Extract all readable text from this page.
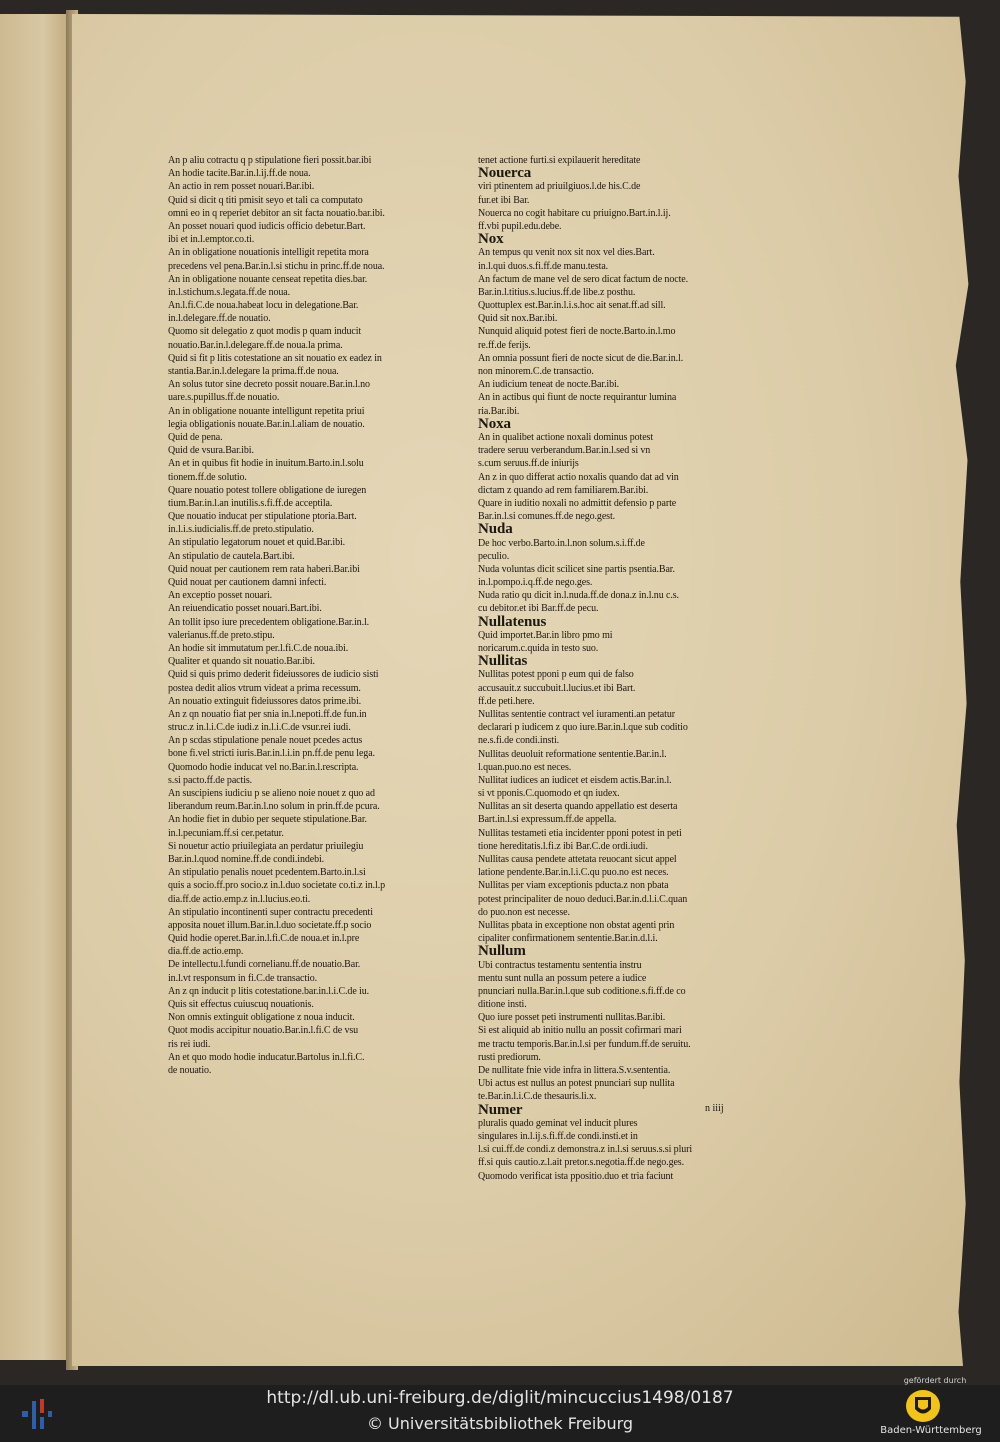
An p aliu cotractu q p stipulatione fieri possit.bar.ibi
An hodie tacite.Bar.in.l.ij.ff.de noua.
An actio in rem posset nouari.Bar.ibi.
Quid si dicit q titi pmisit seyo et tali ca computato
omni eo in q reperiet debitor an sit facta nouatio.bar.ibi.
An posset nouari quod iudicis officio debetur.Bart.
ibi et in.l.emptor.co.ti.
An in obligatione nouationis intelligit repetita mora
precedens vel pena.Bar.in.l.si stichu in princ.ff.de noua.
An in obligatione nouante censeat repetita dies.bar.
in.l.stichum.s.legata.ff.de noua.
An.l.fi.C.de noua.habeat locu in delegatione.Bar.
in.l.delegare.ff.de nouatio.
Quomo sit delegatio z quot modis p quam inducit
nouatio.Bar.in.l.delegare.ff.de noua.la prima.
Quid si fit p litis cotestatione an sit nouatio ex eadez in
stantia.Bar.in.l.delegare la prima.ff.de noua.
An solus tutor sine decreto possit nouare.Bar.in.l.no
uare.s.pupillus.ff.de nouatio.
An in obligatione nouante intelligunt repetita priui
legia obligationis nouate.Bar.in.l.aliam de nouatio.
Quid de pena.
Quid de vsura.Bar.ibi.
An et in quibus fit hodie in inuitum.Barto.in.l.solu
tionem.ff.de solutio.
Quare nouatio potest tollere obligatione de iuregen
tium.Bar.in.l.an inutilis.s.fi.ff.de acceptila.
Que nouatio inducat per stipulatione ptoria.Bart.
in.l.i.s.iudicialis.ff.de preto.stipulatio.
An stipulatio legatorum nouet et quid.Bar.ibi.
An stipulatio de cautela.Bart.ibi.
Quid nouat per cautionem rem rata haberi.Bar.ibi
Quid nouat per cautionem damni infecti.
An exceptio posset nouari.
An reiuendicatio posset nouari.Bart.ibi.
An tollit ipso iure precedentem obligatione.Bar.in.l.
valerianus.ff.de preto.stipu.
An hodie sit immutatum per.l.fi.C.de noua.ibi.
Qualiter et quando sit nouatio.Bar.ibi.
Quid si quis primo dederit fideiussores de iudicio sisti
postea dedit alios vtrum videat a prima recessum.
An nouatio extinguit fideiussores datos prime.ibi.
An z qn nouatio fiat per snia in.l.nepoti.ff.de fun.in
struc.z in.l.i.C.de iudi.z in.l.i.C.de vsur.rei iudi.
An p scdas stipulatione penale nouet pcedes actus
bone fi.vel stricti iuris.Bar.in.l.i.in pn.ff.de penu lega.
Quomodo hodie inducat vel no.Bar.in.l.rescripta.
s.si pacto.ff.de pactis.
An suscipiens iudiciu p se alieno noie nouet z quo ad
liberandum reum.Bar.in.l.no solum in prin.ff.de pcura.
An hodie fiet in dubio per sequete stipulatione.Bar.
in.l.pecuniam.ff.si cer.petatur.
Si nouetur actio priuilegiata an perdatur priuilegiu
Bar.in.l.quod nomine.ff.de condi.indebi.
An stipulatio penalis nouet pcedentem.Barto.in.l.si
quis a socio.ff.pro socio.z in.l.duo societate co.ti.z in.l.p
dia.ff.de actio.emp.z in.l.lucius.eo.ti.
An stipulatio incontinenti super contractu precedenti
apposita nouet illum.Bar.in.l.duo societate.ff.p socio
Quid hodie operet.Bar.in.l.fi.C.de noua.et in.l.pre
dia.ff.de actio.emp.
De intellectu.l.fundi cornelianu.ff.de nouatio.Bar.
in.l.vt responsum in fi.C.de transactio.
An z qn inducit p litis cotestatione.bar.in.l.i.C.de iu.
Quis sit effectus cuiuscuq nouationis.
Non omnis extinguit obligatione z noua inducit.
Quot modis accipitur nouatio.Bar.in.l.fi.C de vsu
ris rei iudi.
An et quo modo hodie inducatur.Bartolus in.l.fi.C.
de nouatio.
tenet actione furti.si expilauerit hereditate
Nouerca
viri ptinentem ad priuilgiuos.l.de his.C.de
fur.et ibi Bar.
Nouerca no cogit habitare cu priuigno.Bart.in.l.ij.
ff.vbi pupil.edu.debe.
Nox
An tempus qu venit nox sit nox vel dies.Bart.
in.l.qui duos.s.fi.ff.de manu.testa.
An factum de mane vel de sero dicat factum de nocte.
Bar.in.l.titius.s.lucius.ff.de libe.z posthu.
Quottuplex est.Bar.in.l.i.s.hoc ait senat.ff.ad sill.
Quid sit nox.Bar.ibi.
Nunquid aliquid potest fieri de nocte.Barto.in.l.mo
re.ff.de ferijs.
An omnia possunt fieri de nocte sicut de die.Bar.in.l.
non minorem.C.de transactio.
An iudicium teneat de nocte.Bar.ibi.
An in actibus qui fiunt de nocte requirantur lumina
ria.Bar.ibi.
Noxa
An in qualibet actione noxali dominus potest
tradere seruu verberandum.Bar.in.l.sed si vn
s.cum seruus.ff.de iniurijs
An z in quo differat actio noxalis quando dat ad vin
dictam z quando ad rem familiarem.Bar.ibi.
Quare in iuditio noxali no admittit defensio p parte
Bar.in.l.si comunes.ff.de nego.gest.
Nuda
De hoc verbo.Barto.in.l.non solum.s.i.ff.de
peculio.
Nuda voluntas dicit scilicet sine partis psentia.Bar.
in.l.pompo.i.q.ff.de nego.ges.
Nuda ratio qu dicit in.l.nuda.ff.de dona.z in.l.nu c.s.
cu debitor.et ibi Bar.ff.de pecu.
Nullatenus
Quid importet.Bar.in libro pmo mi
noricarum.c.quida in testo suo.
Nullitas
Nullitas potest pponi p eum qui de falso
accusauit.z succubuit.l.lucius.et ibi Bart.
ff.de peti.here.
Nullitas sententie contract vel iuramenti.an petatur
declarari p iudicem z quo iure.Bar.in.l.que sub coditio
ne.s.fi.de condi.insti.
Nullitas deuoluit reformatione sententie.Bar.in.l.
l.quan.puo.no est neces.
Nullitat iudices an iudicet et eisdem actis.Bar.in.l.
si vt pponis.C.quomodo et qn iudex.
Nullitas an sit deserta quando appellatio est deserta
Bart.in.l.si expressum.ff.de appella.
Nullitas testameti etia incidenter pponi potest in peti
tione hereditatis.l.fi.z ibi Bar.C.de ordi.iudi.
Nullitas causa pendete attetata reuocant sicut appel
latione pendente.Bar.in.l.i.C.qu puo.no est neces.
Nullitas per viam exceptionis pducta.z non pbata
potest principaliter de nouo deduci.Bar.in.d.l.i.C.quan
do puo.non est necesse.
Nullitas pbata in exceptione non obstat agenti prin
cipaliter confirmationem sententie.Bar.in.d.l.i.
Nullum
Ubi contractus testamentu sententia instru
mentu sunt nulla an possum petere a iudice
pnunciari nulla.Bar.in.l.que sub coditione.s.fi.ff.de co
ditione insti.
Quo iure posset peti instrumenti nullitas.Bar.ibi.
Si est aliquid ab initio nullu an possit cofirmari mari
me tractu temporis.Bar.in.l.si per fundum.ff.de seruitu.
rusti prediorum.
De nullitate fnie vide infra in littera.S.v.sententia.
Ubi actus est nullus an potest pnunciari sup nullita
te.Bar.in.l.i.C.de thesauris.li.x.
Numer
pluralis quado geminat vel inducit plures
singulares in.l.ij.s.fi.ff.de condi.insti.et in
l.si cui.ff.de condi.z demonstra.z in.l.si seruus.s.si pluri
ff.si quis cautio.z.l.ait pretor.s.negotia.ff.de nego.ges.
Quomodo verificat ista ppositio.duo et tria faciunt
n iiij
http://dl.ub.uni-freiburg.de/diglit/mincuccius1498/0187
© Universitätsbibliothek Freiburg
gefördert durch
Baden-Württemberg
